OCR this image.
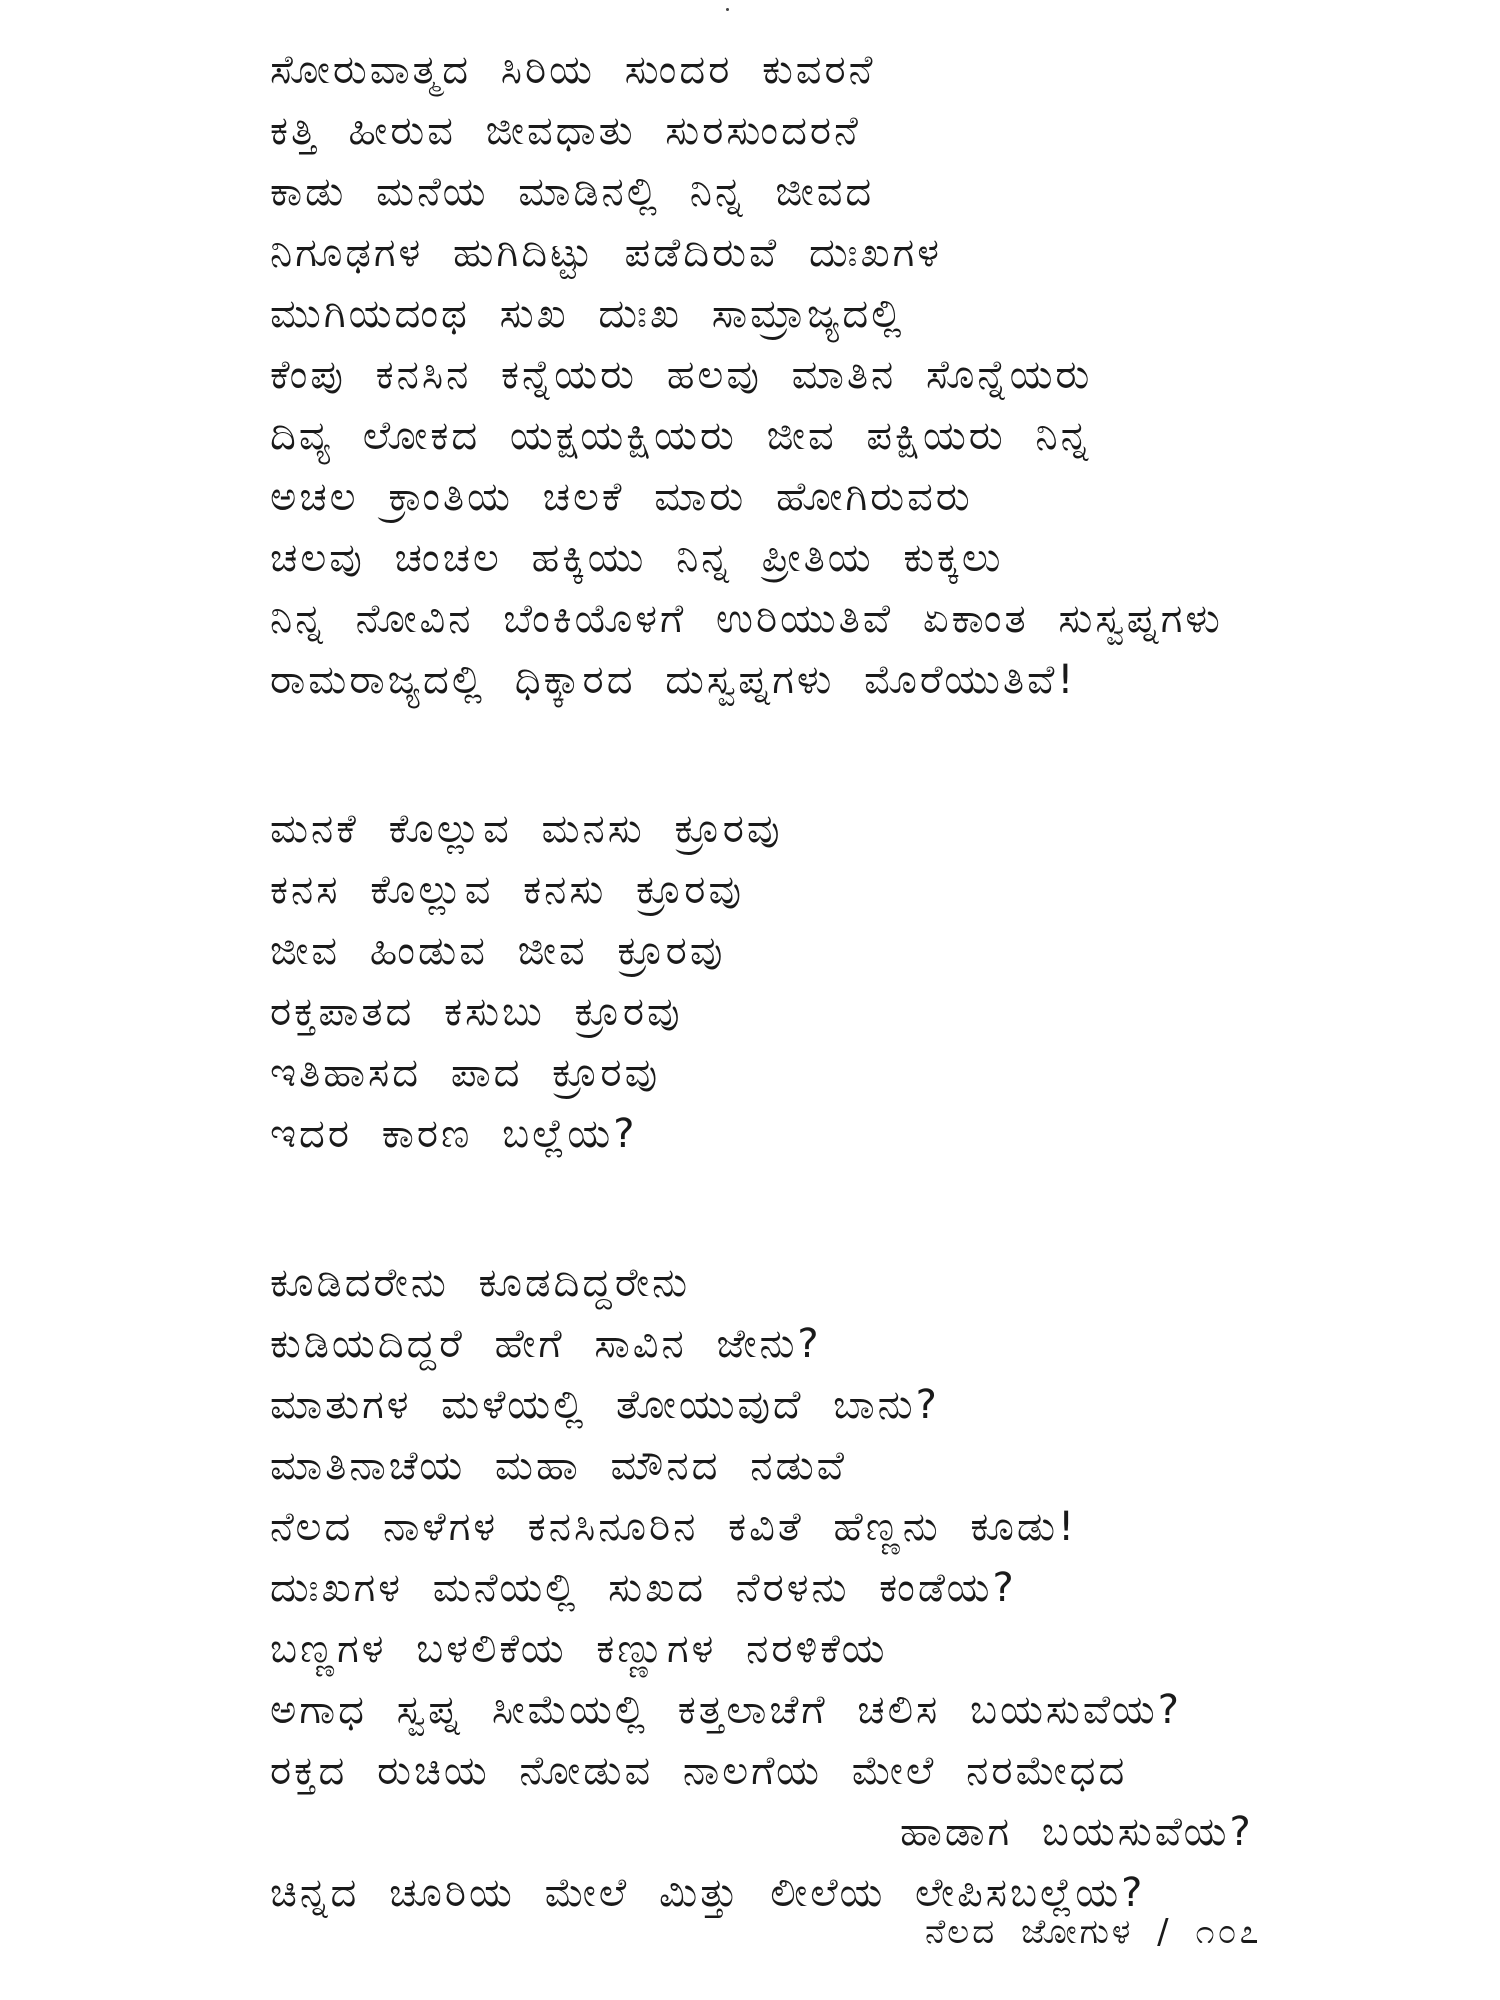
ಸೋರುವಾತ್ಮದ ಸಿರಿಯ ಸುಂದರ ಕುವರನೆ
ಕತ್ತಿ ಹೀರುವ ಜೀವಧಾತು ಸುರಸುಂದರನೆ
ಕಾಡು ಮನೆಯ ಮಾಡಿನಲ್ಲಿ ನಿನ್ನ ಜೀವದ
ನಿಗೂಢಗಳ ಹುಗಿದಿಟ್ಟು ಪಡೆದಿರುವೆ ದುಃಖಗಳ
ಮುಗಿಯದಂಥ ಸುಖ ದುಃಖ ಸಾಮ್ರಾಜ್ಯದಲ್ಲಿ
ಕೆಂಪು ಕನಸಿನ ಕನ್ನೆಯರು ಹಲವು ಮಾತಿನ ಸೊನ್ನೆಯರು
ದಿವ್ಯ ಲೋಕದ ಯಕ್ಷಯಕ್ಷಿಯರು ಜೀವ ಪಕ್ಷಿಯರು ನಿನ್ನ
ಅಚಲ ಕ್ರಾಂತಿಯ ಚಲಕೆ ಮಾರು ಹೋಗಿರುವರು
ಚಲವು ಚಂಚಲ ಹಕ್ಕಿಯು ನಿನ್ನ ಪ್ರೀತಿಯ ಕುಕ್ಕಲು
ನಿನ್ನ ನೋವಿನ ಬೆಂಕಿಯೊಳಗೆ ಉರಿಯುತಿವೆ ಏಕಾಂತ ಸುಸ್ವಪ್ನಗಳು
ರಾಮರಾಜ್ಯದಲ್ಲಿ ಧಿಕ್ಕಾರದ ದುಸ್ವಪ್ನಗಳು ಮೊರೆಯುತಿವೆ!
ಮನಕೆ ಕೊಲ್ಲುವ ಮನಸು ಕ್ರೂರವು
ಕನಸ ಕೊಲ್ಲುವ ಕನಸು ಕ್ರೂರವು
ಜೀವ ಹಿಂಡುವ ಜೀವ ಕ್ರೂರವು
ರಕ್ತಪಾತದ ಕಸುಬು ಕ್ರೂರವು
ಇತಿಹಾಸದ ಪಾದ ಕ್ರೂರವು
ಇದರ ಕಾರಣ ಬಲ್ಲೆಯ?
ಕೂಡಿದರೇನು ಕೂಡದಿದ್ದರೇನು
ಕುಡಿಯದಿದ್ದರೆ ಹೇಗೆ ಸಾವಿನ ಜೇನು?
ಮಾತುಗಳ ಮಳೆಯಲ್ಲಿ ತೋಯುವುದೆ ಬಾನು?
ಮಾತಿನಾಚೆಯ ಮಹಾ ಮೌನದ ನಡುವೆ
ನೆಲದ ನಾಳೆಗಳ ಕನಸಿನೂರಿನ ಕವಿತೆ ಹೆಣ್ಣನು ಕೂಡು!
ದುಃಖಗಳ ಮನೆಯಲ್ಲಿ ಸುಖದ ನೆರಳನು ಕಂಡೆಯ?
ಬಣ್ಣಗಳ ಬಳಲಿಕೆಯ ಕಣ್ಣುಗಳ ನರಳಿಕೆಯ
ಅಗಾಧ ಸ್ವಪ್ನ ಸೀಮೆಯಲ್ಲಿ ಕತ್ತಲಾಚೆಗೆ ಚಲಿಸ ಬಯಸುವೆಯ?
ರಕ್ತದ ರುಚಿಯ ನೋಡುವ ನಾಲಗೆಯ ಮೇಲೆ ನರಮೇಧದ
ಹಾಡಾಗ ಬಯಸುವೆಯ?
ಚಿನ್ನದ ಚೂರಿಯ ಮೇಲೆ ಮಿತ್ತು ಲೀಲೆಯ ಲೇಪಿಸಬಲ್ಲೆಯ?
ನೆಲದ ಜೋಗುಳ / ೧೦೭
